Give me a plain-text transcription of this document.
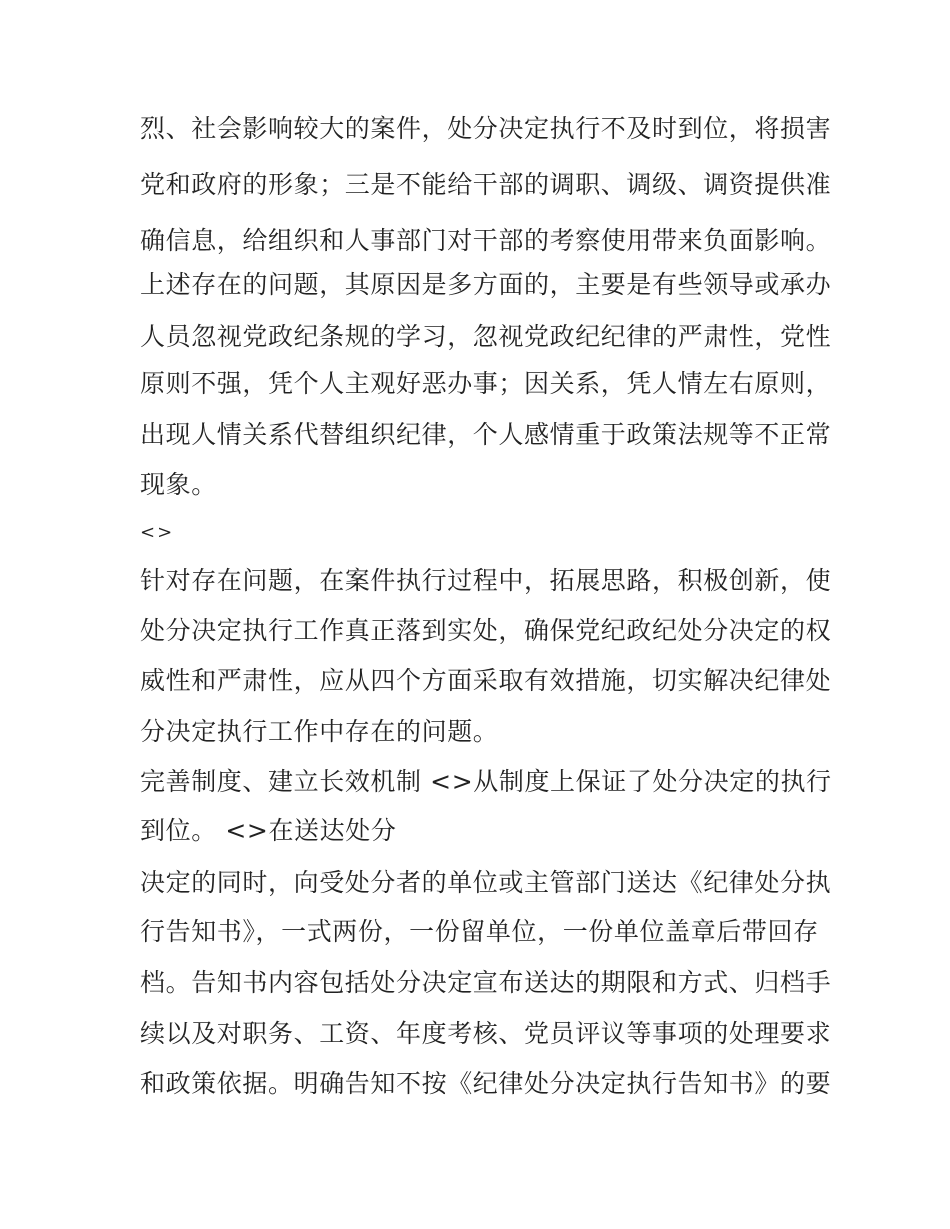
烈、社会影响较大的案件，处分决定执行不及时到位，将损害
党和政府的形象；三是不能给干部的调职、调级、调资提供准
确信息，给组织和人事部门对干部的考察使用带来负面影响。
上述存在的问题，其原因是多方面的，主要是有些领导或承办
人员忽视党政纪条规的学习，忽视党政纪纪律的严肃性，党性
原则不强，凭个人主观好恶办事；因关系，凭人情左右原则，
出现人情关系代替组织纪律，个人感情重于政策法规等不正常
现象。
<>
针对存在问题，在案件执行过程中，拓展思路，积极创新，使
处分决定执行工作真正落到实处，确保党纪政纪处分决定的权
威性和严肃性，应从四个方面采取有效措施，切实解决纪律处
分决定执行工作中存在的问题。
完善制度、建立长效机制 <>从制度上保证了处分决定的执行
到位。 <>在送达处分
决定的同时，向受处分者的单位或主管部门送达《纪律处分执
行告知书》，一式两份，一份留单位，一份单位盖章后带回存
档。告知书内容包括处分决定宣布送达的期限和方式、归档手
续以及对职务、工资、年度考核、党员评议等事项的处理要求
和政策依据。明确告知不按《纪律处分决定执行告知书》的要
